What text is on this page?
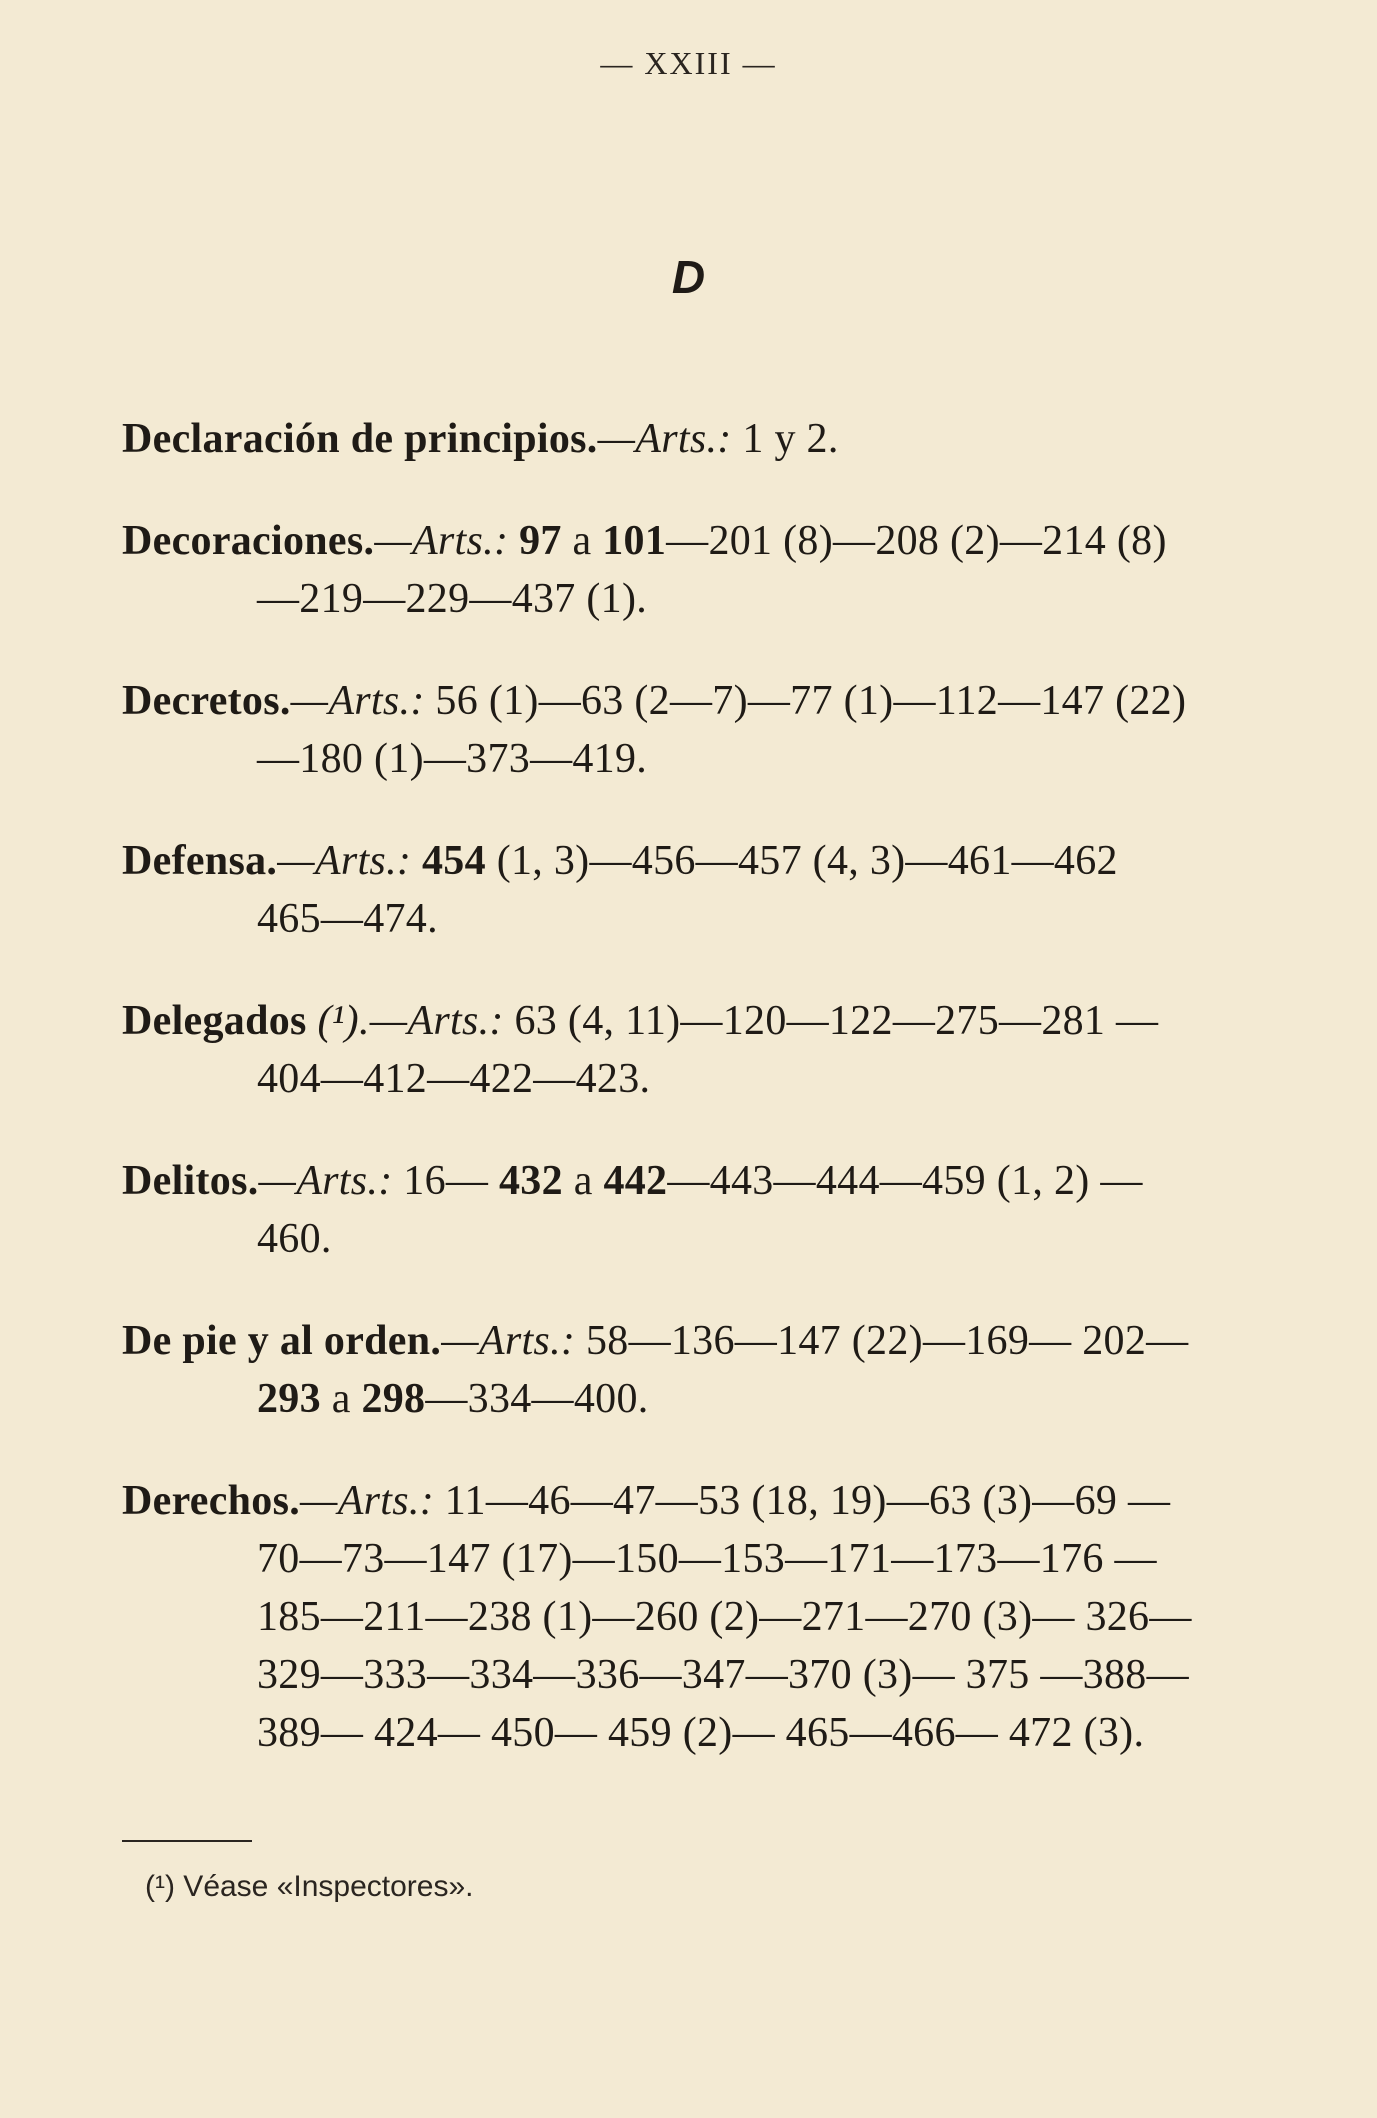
— XXIII —
D
Declaración de principios.—Arts.: 1 y 2.
Decoraciones.—Arts.: 97 a 101—201 (8)—208 (2)—214 (8)—219—229—437 (1).
Decretos.—Arts.: 56 (1)—63 (2—7)—77 (1)—112—147 (22)—180 (1)—373—419.
Defensa.—Arts.: 454 (1, 3)—456—457 (4, 3)—461—462 465—474.
Delegados (¹).—Arts.: 63 (4, 11)—120—122—275—281 —404—412—422—423.
Delitos.—Arts.: 16— 432 a 442—443—444—459 (1, 2) —460.
De pie y al orden.—Arts.: 58—136—147 (22)—169— 202—293 a 298—334—400.
Derechos.—Arts.: 11—46—47—53 (18, 19)—63 (3)—69 —70—73—147 (17)—150—153—171—173—176 —185—211—238 (1)—260 (2)—271—270 (3)— 326—329—333—334—336—347—370 (3)— 375 —388—389— 424— 450— 459 (2)— 465—466— 472 (3).
(¹) Véase «Inspectores».
